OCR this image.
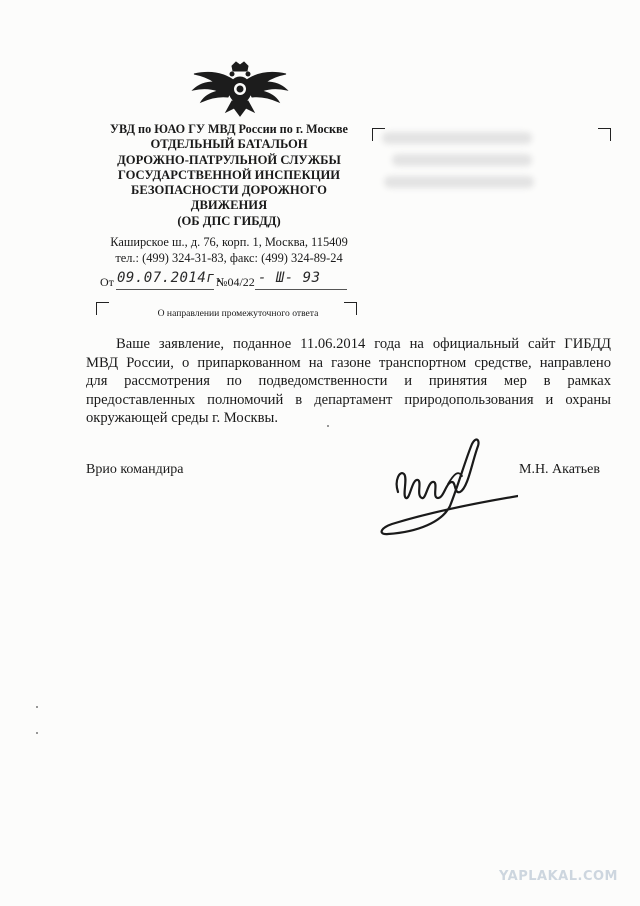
УВД по ЮАО ГУ МВД России по г. Москве
ОТДЕЛЬНЫЙ БАТАЛЬОН
ДОРОЖНО-ПАТРУЛЬНОЙ СЛУЖБЫ
ГОСУДАРСТВЕННОЙ ИНСПЕКЦИИ
БЕЗОПАСНОСТИ ДОРОЖНОГО
ДВИЖЕНИЯ
(ОБ ДПС ГИБДД)
Каширское ш., д. 76, корп. 1, Москва, 115409
тел.: (499) 324-31-83, факс: (499) 324-89-24
От 09.07.2014г.
№04/22 - Ш- 93
О направлении промежуточного ответа
Ваше заявление, поданное 11.06.2014 года на официальный сайт ГИБДД
МВД России, о припаркованном на газоне транспортном средстве, направлено
для рассмотрения по подведомственности и принятия мер в рамках
предоставленных полномочий в департамент природопользования и охраны
окружающей среды г. Москвы.
Врио командира	М.Н. Акатьев
YAPLAKAL.COM
